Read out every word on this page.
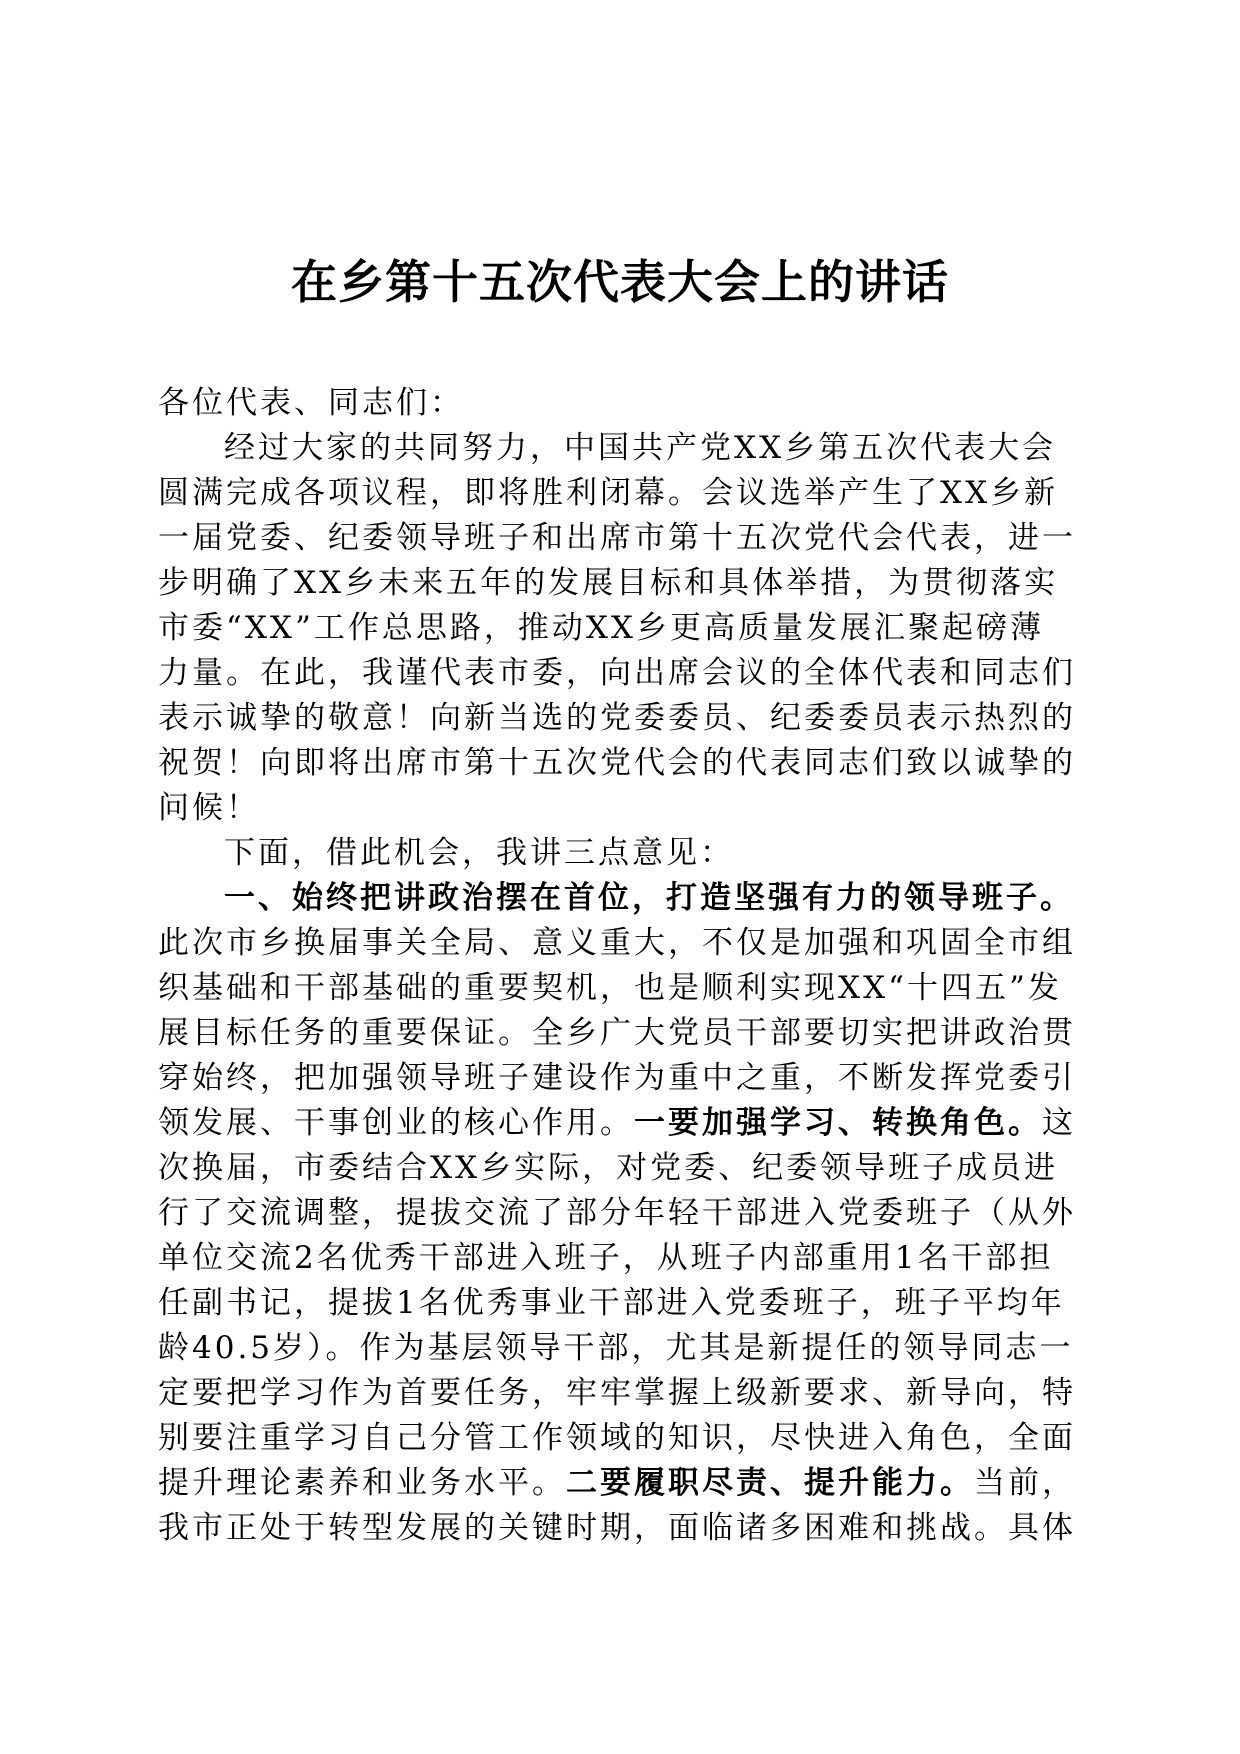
在乡第十五次代表大会上的讲话
各位代表、同志们：
经过大家的共同努力，中国共产党XX乡第五次代表大会
圆满完成各项议程，即将胜利闭幕。会议选举产生了XX乡新
一届党委、纪委领导班子和出席市第十五次党代会代表，进一
步明确了XX乡未来五年的发展目标和具体举措，为贯彻落实
市委“XX”工作总思路，推动XX乡更高质量发展汇聚起磅薄
力量。在此，我谨代表市委，向出席会议的全体代表和同志们
表示诚挚的敬意！向新当选的党委委员、纪委委员表示热烈的
祝贺！向即将出席市第十五次党代会的代表同志们致以诚挚的
问候！
下面，借此机会，我讲三点意见：
一、始终把讲政治摆在首位，打造坚强有力的领导班子。
此次市乡换届事关全局、意义重大，不仅是加强和巩固全市组
织基础和干部基础的重要契机，也是顺利实现XX“十四五”发
展目标任务的重要保证。全乡广大党员干部要切实把讲政治贯
穿始终，把加强领导班子建设作为重中之重，不断发挥党委引
领发展、干事创业的核心作用。一要加强学习、转换角色。这
次换届，市委结合XX乡实际，对党委、纪委领导班子成员进
行了交流调整，提拔交流了部分年轻干部进入党委班子（从外
单位交流2名优秀干部进入班子，从班子内部重用1名干部担
任副书记，提拔1名优秀事业干部进入党委班子，班子平均年
龄40.5岁）。作为基层领导干部，尤其是新提任的领导同志一
定要把学习作为首要任务，牢牢掌握上级新要求、新导向，特
别要注重学习自己分管工作领域的知识，尽快进入角色，全面
提升理论素养和业务水平。二要履职尽责、提升能力。当前，
我市正处于转型发展的关键时期，面临诸多困难和挑战。具体
